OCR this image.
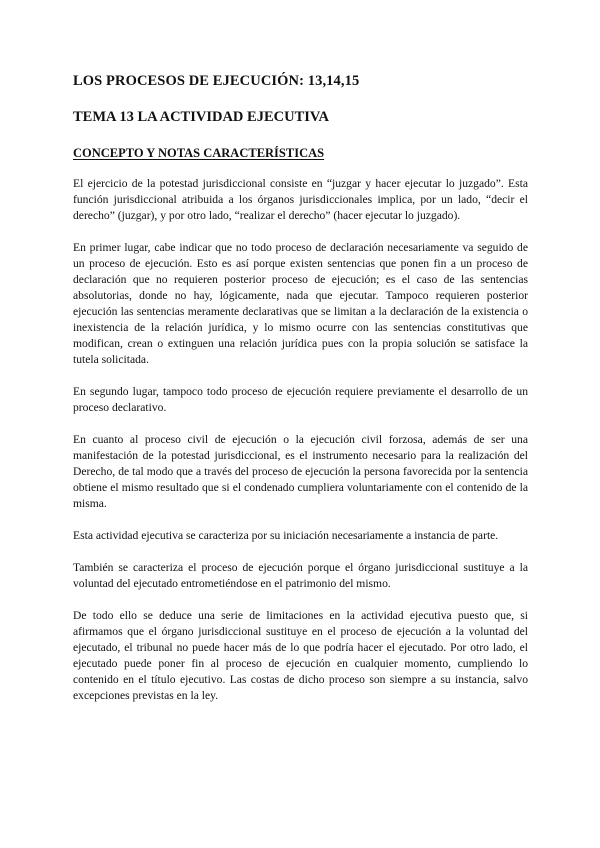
LOS PROCESOS DE EJECUCIÓN: 13,14,15
TEMA 13 LA ACTIVIDAD EJECUTIVA
CONCEPTO Y NOTAS CARACTERÍSTICAS

El ejercicio de la potestad jurisdiccional consiste en “juzgar y hacer ejecutar lo juzgado”. Esta función jurisdiccional atribuida a los órganos jurisdiccionales implica, por un lado, “decir el derecho” (juzgar), y por otro lado, “realizar el derecho” (hacer ejecutar lo juzgado).

En primer lugar, cabe indicar que no todo proceso de declaración necesariamente va seguido de un proceso de ejecución. Esto es así porque existen sentencias que ponen fin a un proceso de declaración que no requieren posterior proceso de ejecución; es el caso de las sentencias absolutorias, donde no hay, lógicamente, nada que ejecutar. Tampoco requieren posterior ejecución las sentencias meramente declarativas que se limitan a la declaración de la existencia o inexistencia de la relación jurídica, y lo mismo ocurre con las sentencias constitutivas que modifican, crean o extinguen una relación jurídica pues con la propia solución se satisface la tutela solicitada.

En segundo lugar, tampoco todo proceso de ejecución requiere previamente el desarrollo de un proceso declarativo.

En cuanto al proceso civil de ejecución o la ejecución civil forzosa, además de ser una manifestación de la potestad jurisdiccional, es el instrumento necesario para la realización del Derecho, de tal modo que a través del proceso de ejecución la persona favorecida por la sentencia obtiene el mismo resultado que si el condenado cumpliera voluntariamente con el contenido de la misma.

Esta actividad ejecutiva se caracteriza por su iniciación necesariamente a instancia de parte.

También se caracteriza el proceso de ejecución porque el órgano jurisdiccional sustituye a la voluntad del ejecutado entrometiéndose en el patrimonio del mismo.

De todo ello se deduce una serie de limitaciones en la actividad ejecutiva puesto que, si afirmamos que el órgano jurisdiccional sustituye en el proceso de ejecución a la voluntad del ejecutado, el tribunal no puede hacer más de lo que podría hacer el ejecutado. Por otro lado, el ejecutado puede poner fin al proceso de ejecución en cualquier momento, cumpliendo lo contenido en el título ejecutivo. Las costas de dicho proceso son siempre a su instancia, salvo excepciones previstas en la ley.
